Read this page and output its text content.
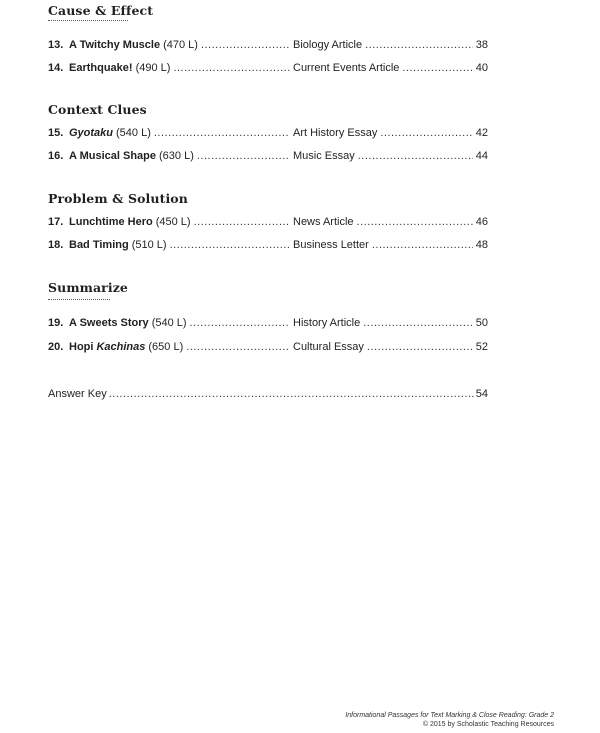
Cause & Effect
13. A Twitchy Muscle (470 L) .....	Biology Article .....	38
14. Earthquake! (490 L) .....	Current Events Article .....	40
Context Clues
15. Gyotaku (540 L) .....	Art History Essay .....	42
16. A Musical Shape (630 L) .....	Music Essay .....	44
Problem & Solution
17. Lunchtime Hero (450 L) .....	News Article .....	46
18. Bad Timing (510 L) .....	Business Letter .....	48
Summarize
19. A Sweets Story (540 L) .....	History Article .....	50
20. Hopi Kachinas (650 L) .....	Cultural Essay .....	52
Answer Key .....	54
Informational Passages for Text Marking & Close Reading: Grade 2
© 2015 by Scholastic Teaching Resources
